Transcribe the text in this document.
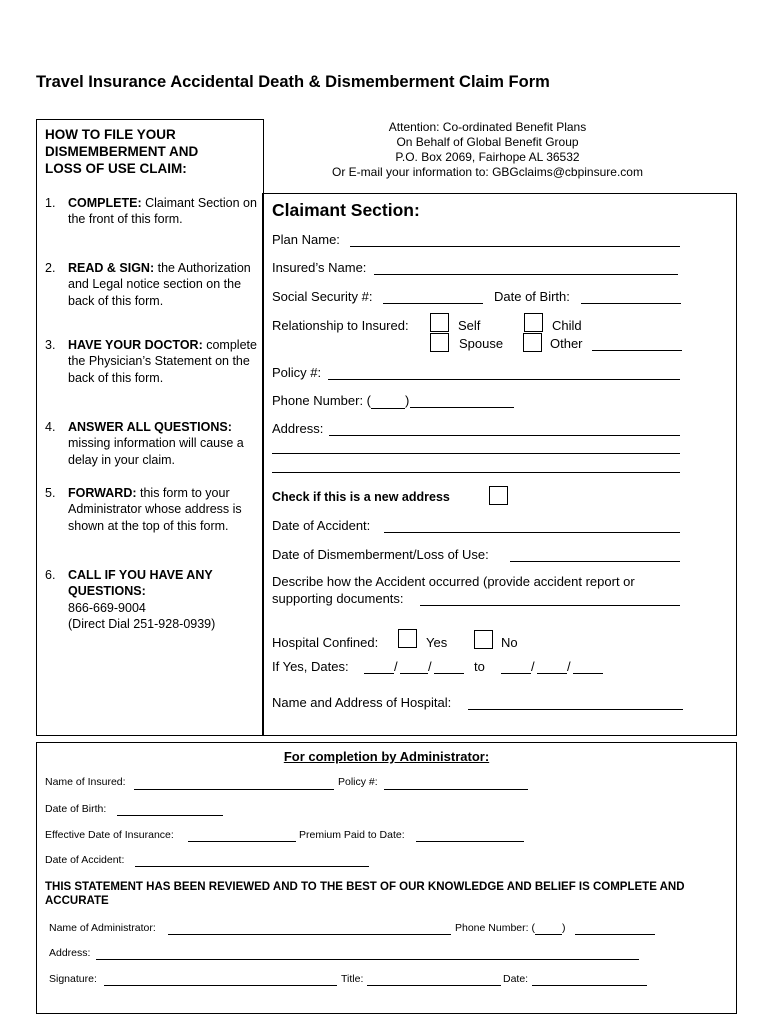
Travel Insurance Accidental Death & Dismemberment Claim Form
HOW TO FILE YOUR
DISMEMBERMENT AND
LOSS OF USE CLAIM:
1.	COMPLETE: Claimant Section on the front of this form.
2.	READ & SIGN: the Authorization and Legal notice section on the back of this form.
3.	HAVE YOUR DOCTOR: complete the Physician’s Statement on the back of this form.
4.	ANSWER ALL QUESTIONS: missing information will cause a delay in your claim.
5.	FORWARD: this form to your Administrator whose address is shown at the top of this form.
6.	CALL IF YOU HAVE ANY QUESTIONS:
866-669-9004
(Direct Dial 251-928-0939)
Attention: Co-ordinated Benefit Plans
On Behalf of Global Benefit Group
P.O. Box 2069, Fairhope AL 36532
Or E-mail your information to: GBGclaims@cbpinsure.com
Claimant Section:
Plan Name:
Insured’s Name:
Social Security #:	Date of Birth:
Relationship to Insured:	Self	Child
Spouse	Other
Policy #:
Phone Number: (	)
Address:
Check if this is a new address
Date of Accident:
Date of Dismemberment/Loss of Use:
Describe how the Accident occurred (provide accident report or
supporting documents:
Hospital Confined:	Yes	No
If Yes, Dates:	/ /	to	/ /
Name and Address of Hospital:
For completion by Administrator:
Name of Insured:	Policy #:
Date of Birth:
Effective Date of Insurance:	Premium Paid to Date:
Date of Accident:
THIS STATEMENT HAS BEEN REVIEWED AND TO THE BEST OF OUR KNOWLEDGE AND BELIEF IS COMPLETE AND ACCURATE
Name of Administrator:	Phone Number: (	)
Address:
Signature:	Title:	Date:
